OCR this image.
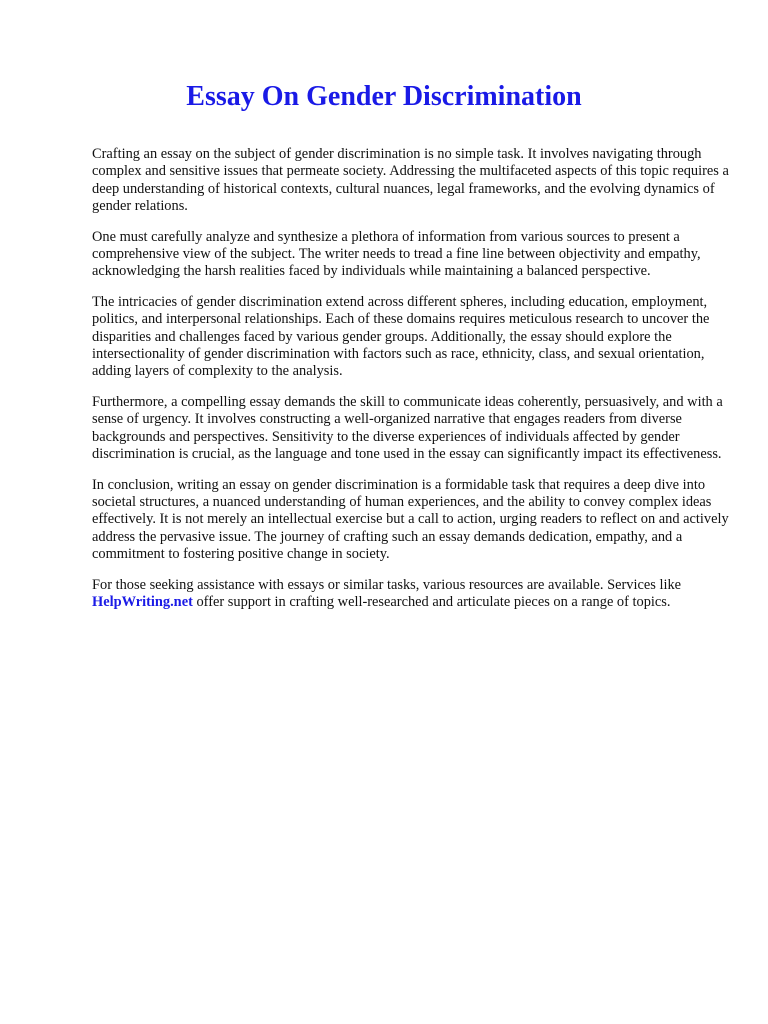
Essay On Gender Discrimination

Crafting an essay on the subject of gender discrimination is no simple task. It involves navigating through complex and sensitive issues that permeate society. Addressing the multifaceted aspects of this topic requires a deep understanding of historical contexts, cultural nuances, legal frameworks, and the evolving dynamics of gender relations.

One must carefully analyze and synthesize a plethora of information from various sources to present a comprehensive view of the subject. The writer needs to tread a fine line between objectivity and empathy, acknowledging the harsh realities faced by individuals while maintaining a balanced perspective.

The intricacies of gender discrimination extend across different spheres, including education, employment, politics, and interpersonal relationships. Each of these domains requires meticulous research to uncover the disparities and challenges faced by various gender groups. Additionally, the essay should explore the intersectionality of gender discrimination with factors such as race, ethnicity, class, and sexual orientation, adding layers of complexity to the analysis.

Furthermore, a compelling essay demands the skill to communicate ideas coherently, persuasively, and with a sense of urgency. It involves constructing a well-organized narrative that engages readers from diverse backgrounds and perspectives. Sensitivity to the diverse experiences of individuals affected by gender discrimination is crucial, as the language and tone used in the essay can significantly impact its effectiveness.

In conclusion, writing an essay on gender discrimination is a formidable task that requires a deep dive into societal structures, a nuanced understanding of human experiences, and the ability to convey complex ideas effectively. It is not merely an intellectual exercise but a call to action, urging readers to reflect on and actively address the pervasive issue. The journey of crafting such an essay demands dedication, empathy, and a commitment to fostering positive change in society.

For those seeking assistance with essays or similar tasks, various resources are available. Services like HelpWriting.net offer support in crafting well-researched and articulate pieces on a range of topics.
